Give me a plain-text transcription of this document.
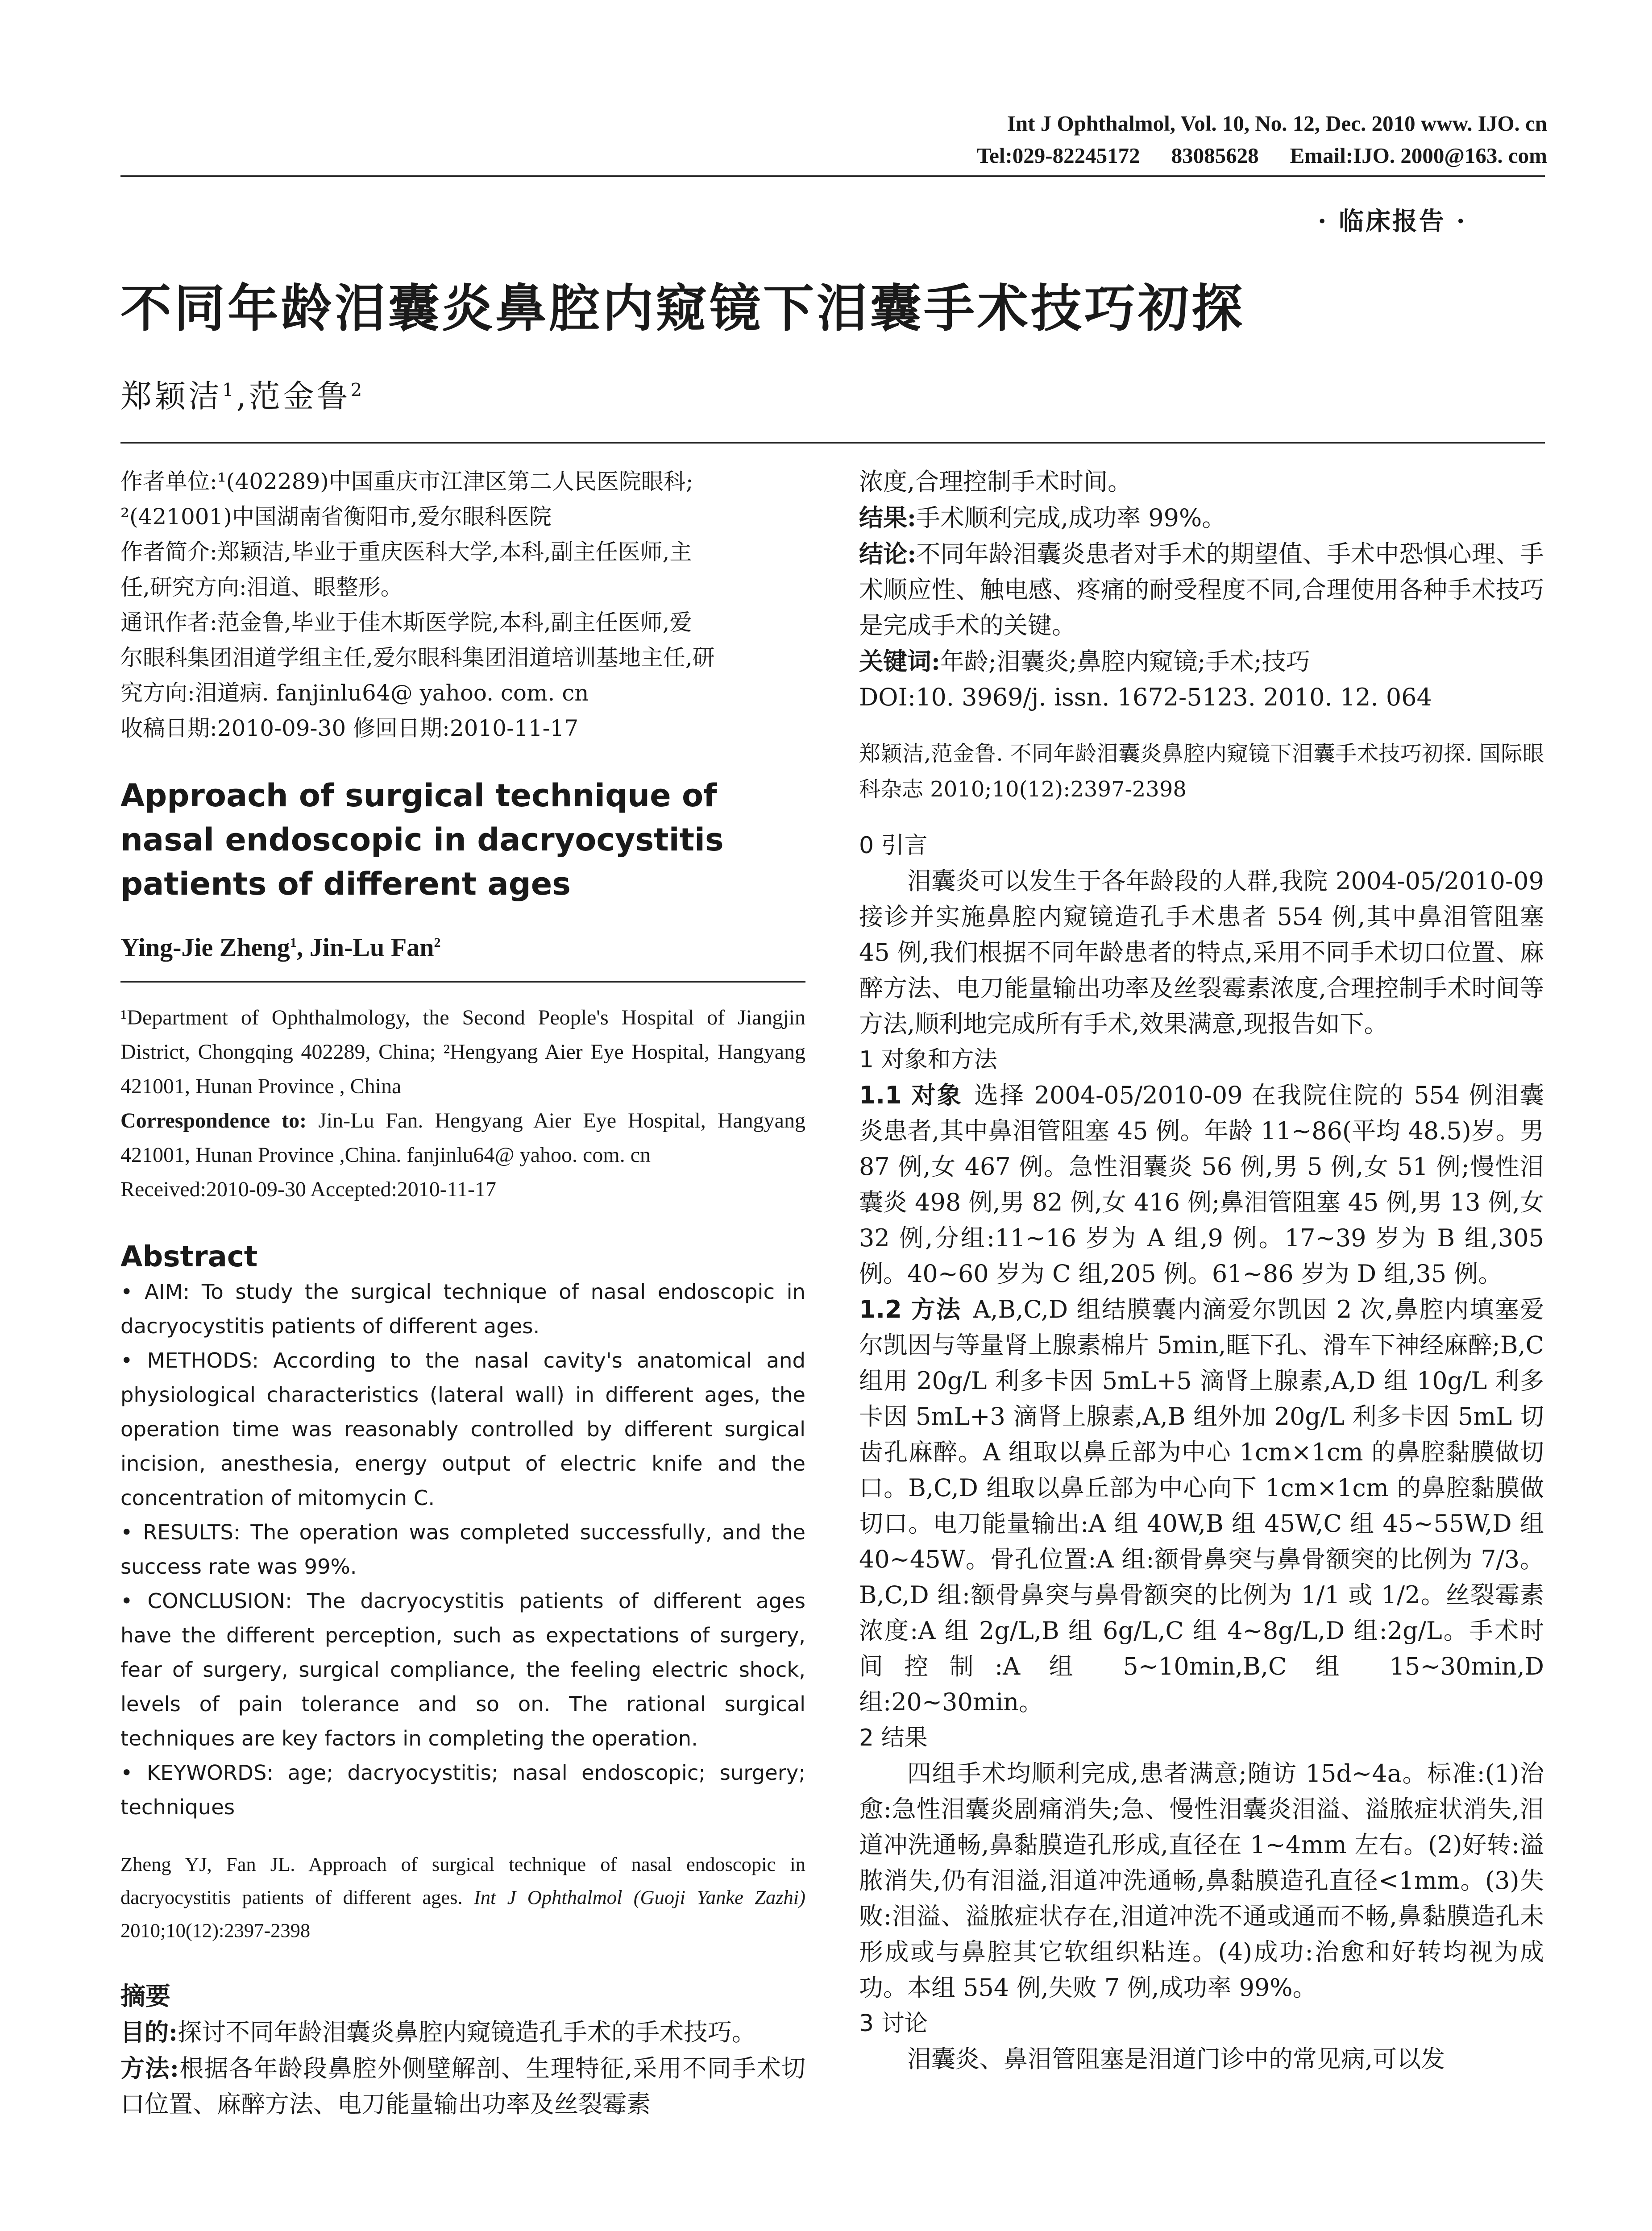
Int J Ophthalmol, Vol. 10, No. 12, Dec. 2010 www. IJO. cn
Tel:029-82245172 83085628 Email:IJO. 2000@163. com
· 临床报告 ·
不同年龄泪囊炎鼻腔内窥镜下泪囊手术技巧初探
郑颖洁$^1$,范金鲁$^2$

作者单位:¹(402289)中国重庆市江津区第二人民医院眼科;

²(421001)中国湖南省衡阳市,爱尔眼科医院

作者简介:郑颖洁,毕业于重庆医科大学,本科,副主任医师,主

任,研究方向:泪道、眼整形。

通讯作者:范金鲁,毕业于佳木斯医学院,本科,副主任医师,爱

尔眼科集团泪道学组主任,爱尔眼科集团泪道培训基地主任,研

究方向:泪道病. fanjinlu64@ yahoo. com. cn

收稿日期:2010-09-30 修回日期:2010-11-17

Approach of surgical technique of nasal endoscopic in dacryocystitis patients of different ages

Ying-Jie Zheng$^1$, Jin-Lu Fan$^2$

¹Department of Ophthalmology, the Second People's Hospital of Jiangjin District, Chongqing 402289, China; ²Hengyang Aier Eye Hospital, Hangyang 421001, Hunan Province , China

Correspondence to: Jin-Lu Fan. Hengyang Aier Eye Hospital, Hangyang 421001, Hunan Province ,China. fanjinlu64@ yahoo. com. cn

Received:2010-09-30 Accepted:2010-11-17

Abstract

• AIM: To study the surgical technique of nasal endoscopic in dacryocystitis patients of different ages.

• METHODS: According to the nasal cavity's anatomical and physiological characteristics (lateral wall) in different ages, the operation time was reasonably controlled by different surgical incision, anesthesia, energy output of electric knife and the concentration of mitomycin C.

• RESULTS: The operation was completed successfully, and the success rate was 99%.

• CONCLUSION: The dacryocystitis patients of different ages have the different perception, such as expectations of surgery, fear of surgery, surgical compliance, the feeling electric shock, levels of pain tolerance and so on. The rational surgical techniques are key factors in completing the operation.

• KEYWORDS: age; dacryocystitis; nasal endoscopic; surgery; techniques

Zheng YJ, Fan JL. Approach of surgical technique of nasal endoscopic in dacryocystitis patients of different ages. Int J Ophthalmol (Guoji Yanke Zazhi) 2010;10(12):2397-2398

摘要

目的:探讨不同年龄泪囊炎鼻腔内窥镜造孔手术的手术技巧。

方法:根据各年龄段鼻腔外侧壁解剖、生理特征,采用不同手术切口位置、麻醉方法、电刀能量输出功率及丝裂霉素

浓度,合理控制手术时间。

结果:手术顺利完成,成功率 99%。

结论:不同年龄泪囊炎患者对手术的期望值、手术中恐惧心理、手术顺应性、触电感、疼痛的耐受程度不同,合理使用各种手术技巧是完成手术的关键。

关键词:年龄;泪囊炎;鼻腔内窥镜;手术;技巧

DOI:10. 3969/j. issn. 1672-5123. 2010. 12. 064

郑颖洁,范金鲁. 不同年龄泪囊炎鼻腔内窥镜下泪囊手术技巧初探. 国际眼科杂志 2010;10(12):2397-2398

0 引言

泪囊炎可以发生于各年龄段的人群,我院 2004-05/2010-09 接诊并实施鼻腔内窥镜造孔手术患者 554 例,其中鼻泪管阻塞 45 例,我们根据不同年龄患者的特点,采用不同手术切口位置、麻醉方法、电刀能量输出功率及丝裂霉素浓度,合理控制手术时间等方法,顺利地完成所有手术,效果满意,现报告如下。

1 对象和方法

1.1 对象 选择 2004-05/2010-09 在我院住院的 554 例泪囊炎患者,其中鼻泪管阻塞 45 例。年龄 11~86(平均 48.5)岁。男 87 例,女 467 例。急性泪囊炎 56 例,男 5 例,女 51 例;慢性泪囊炎 498 例,男 82 例,女 416 例;鼻泪管阻塞 45 例,男 13 例,女 32 例,分组:11~16 岁为 A 组,9 例。17~39 岁为 B 组,305 例。40~60 岁为 C 组,205 例。61~86 岁为 D 组,35 例。

1.2 方法 A,B,C,D 组结膜囊内滴爱尔凯因 2 次,鼻腔内填塞爱尔凯因与等量肾上腺素棉片 5min,眶下孔、滑车下神经麻醉;B,C 组用 20g/L 利多卡因 5mL+5 滴肾上腺素,A,D 组 10g/L 利多卡因 5mL+3 滴肾上腺素,A,B 组外加 20g/L 利多卡因 5mL 切齿孔麻醉。A 组取以鼻丘部为中心 1cm×1cm 的鼻腔黏膜做切口。B,C,D 组取以鼻丘部为中心向下 1cm×1cm 的鼻腔黏膜做切口。电刀能量输出:A 组 40W,B 组 45W,C 组 45~55W,D 组 40~45W。骨孔位置:A 组:额骨鼻突与鼻骨额突的比例为 7/3。B,C,D 组:额骨鼻突与鼻骨额突的比例为 1/1 或 1/2。丝裂霉素浓度:A 组 2g/L,B 组 6g/L,C 组 4~8g/L,D 组:2g/L。手术时间控制:A 组 5~10min,B,C 组 15~30min,D 组:20~30min。

2 结果

四组手术均顺利完成,患者满意;随访 15d~4a。标准:(1)治愈:急性泪囊炎剧痛消失;急、慢性泪囊炎泪溢、溢脓症状消失,泪道冲洗通畅,鼻黏膜造孔形成,直径在 1~4mm 左右。(2)好转:溢脓消失,仍有泪溢,泪道冲洗通畅,鼻黏膜造孔直径<1mm。(3)失败:泪溢、溢脓症状存在,泪道冲洗不通或通而不畅,鼻黏膜造孔未形成或与鼻腔其它软组织粘连。(4)成功:治愈和好转均视为成功。本组 554 例,失败 7 例,成功率 99%。

3 讨论

泪囊炎、鼻泪管阻塞是泪道门诊中的常见病,可以发
